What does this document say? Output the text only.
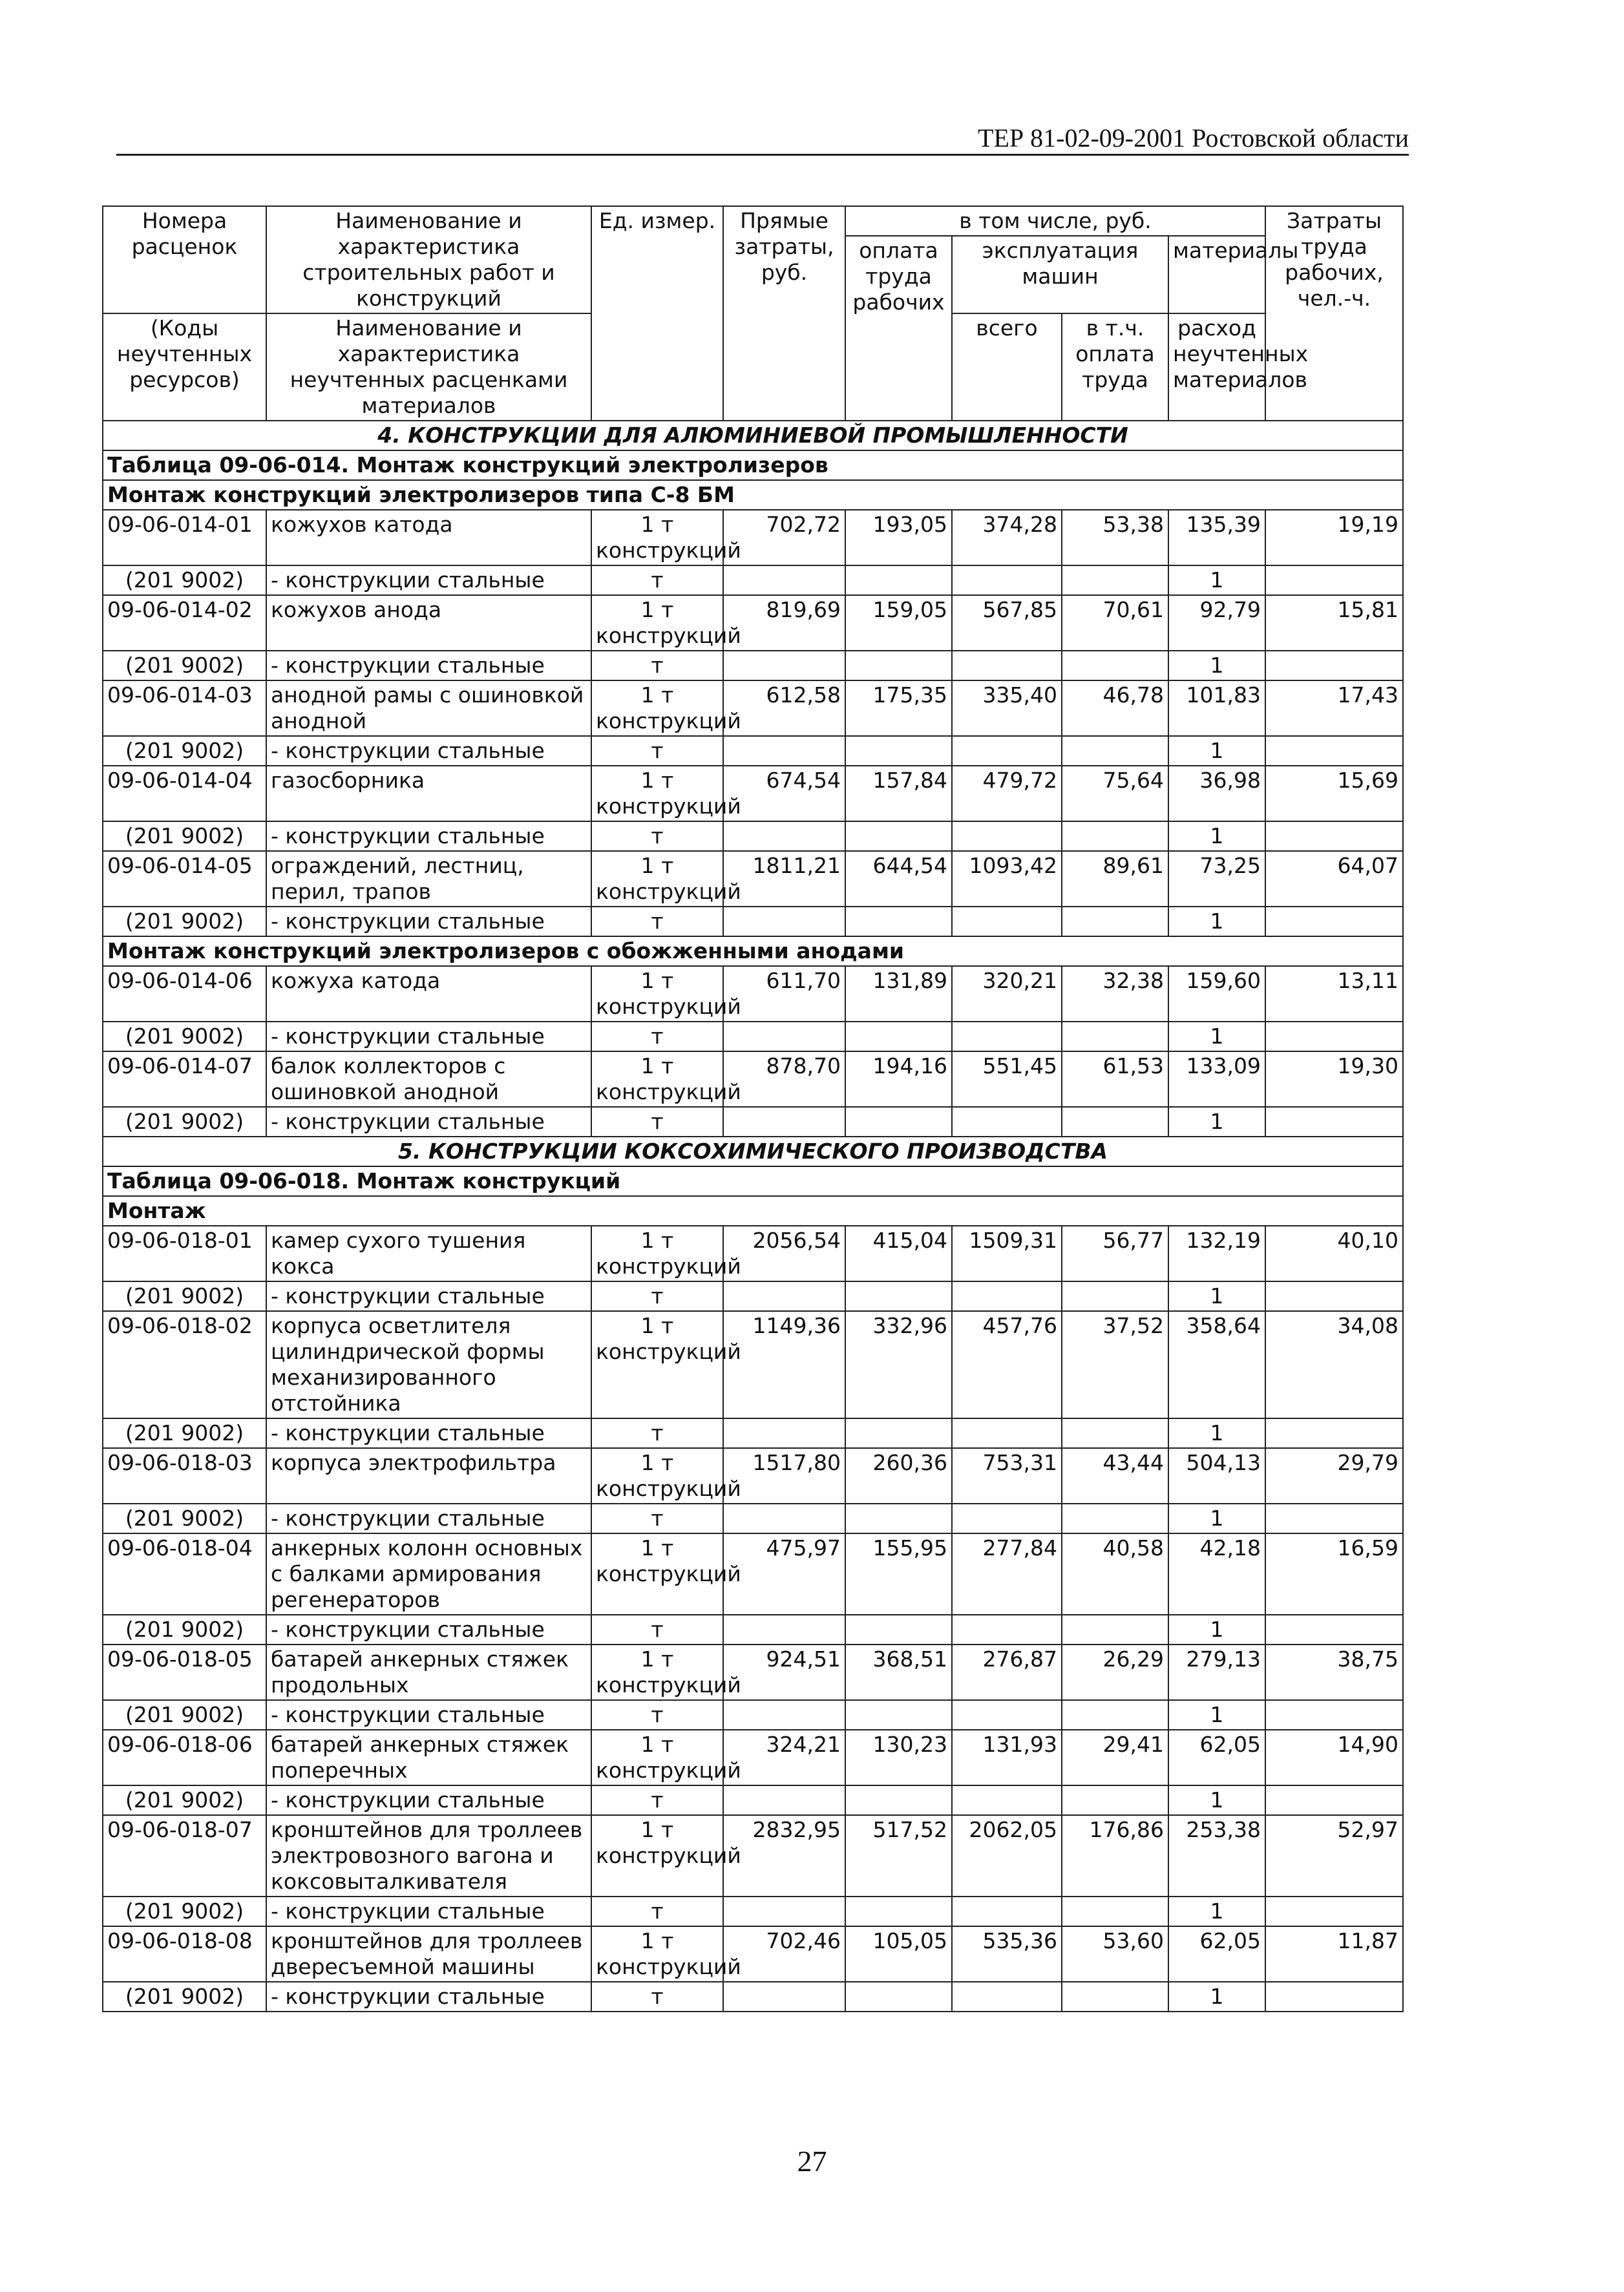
ТЕР 81-02-09-2001 Ростовской области
Номера расценок	Наименование и характеристика строительных работ и конструкций	Ед. измер.	Прямые затраты, руб.	в том числе, руб.				Затраты труда рабочих, чел.-ч.
				оплата труда рабочих	эксплуатация машин		материалы	
(Коды неучтенных ресурсов)	Наименование и характеристика неучтенных расценками материалов				всего	в т.ч. оплата труда	расход неучтенных материалов	

4. КОНСТРУКЦИИ ДЛЯ АЛЮМИНИЕВОЙ ПРОМЫШЛЕННОСТИ								
Таблица 09-06-014. Монтаж конструкций электролизеров								
Монтаж конструкций электролизеров типа С-8 БМ								
09-06-014-01	кожухов катода	1 т конструкций	702,72	193,05	374,28	53,38	135,39	19,19
(201 9002)	- конструкции стальные	т					1	
09-06-014-02	кожухов анода	1 т конструкций	819,69	159,05	567,85	70,61	92,79	15,81
(201 9002)	- конструкции стальные	т					1	
09-06-014-03	анодной рамы с ошиновкой анодной	1 т конструкций	612,58	175,35	335,40	46,78	101,83	17,43
(201 9002)	- конструкции стальные	т					1	
09-06-014-04	газосборника	1 т конструкций	674,54	157,84	479,72	75,64	36,98	15,69
(201 9002)	- конструкции стальные	т					1	
09-06-014-05	ограждений, лестниц, перил, трапов	1 т конструкций	1811,21	644,54	1093,42	89,61	73,25	64,07
(201 9002)	- конструкции стальные	т					1	
Монтаж конструкций электролизеров с обожженными анодами								
09-06-014-06	кожуха катода	1 т конструкций	611,70	131,89	320,21	32,38	159,60	13,11
(201 9002)	- конструкции стальные	т					1	
09-06-014-07	балок коллекторов с ошиновкой анодной	1 т конструкций	878,70	194,16	551,45	61,53	133,09	19,30
(201 9002)	- конструкции стальные	т					1	
5. КОНСТРУКЦИИ КОКСОХИМИЧЕСКОГО ПРОИЗВОДСТВА								
Таблица 09-06-018. Монтаж конструкций								
Монтаж								
09-06-018-01	камер сухого тушения кокса	1 т конструкций	2056,54	415,04	1509,31	56,77	132,19	40,10
(201 9002)	- конструкции стальные	т					1	
09-06-018-02	корпуса осветлителя цилиндрической формы механизированного отстойника	1 т конструкций	1149,36	332,96	457,76	37,52	358,64	34,08
(201 9002)	- конструкции стальные	т					1	
09-06-018-03	корпуса электрофильтра	1 т конструкций	1517,80	260,36	753,31	43,44	504,13	29,79
(201 9002)	- конструкции стальные	т					1	
09-06-018-04	анкерных колонн основных с балками армирования регенераторов	1 т конструкций	475,97	155,95	277,84	40,58	42,18	16,59
(201 9002)	- конструкции стальные	т					1	
09-06-018-05	батарей анкерных стяжек продольных	1 т конструкций	924,51	368,51	276,87	26,29	279,13	38,75
(201 9002)	- конструкции стальные	т					1	
09-06-018-06	батарей анкерных стяжек поперечных	1 т конструкций	324,21	130,23	131,93	29,41	62,05	14,90
(201 9002)	- конструкции стальные	т					1	
09-06-018-07	кронштейнов для троллеев электровозного вагона и коксовыталкивателя	1 т конструкций	2832,95	517,52	2062,05	176,86	253,38	52,97
(201 9002)	- конструкции стальные	т					1	
09-06-018-08	кронштейнов для троллеев двересъемной машины	1 т конструкций	702,46	105,05	535,36	53,60	62,05	11,87
(201 9002)	- конструкции стальные	т					1	
27
